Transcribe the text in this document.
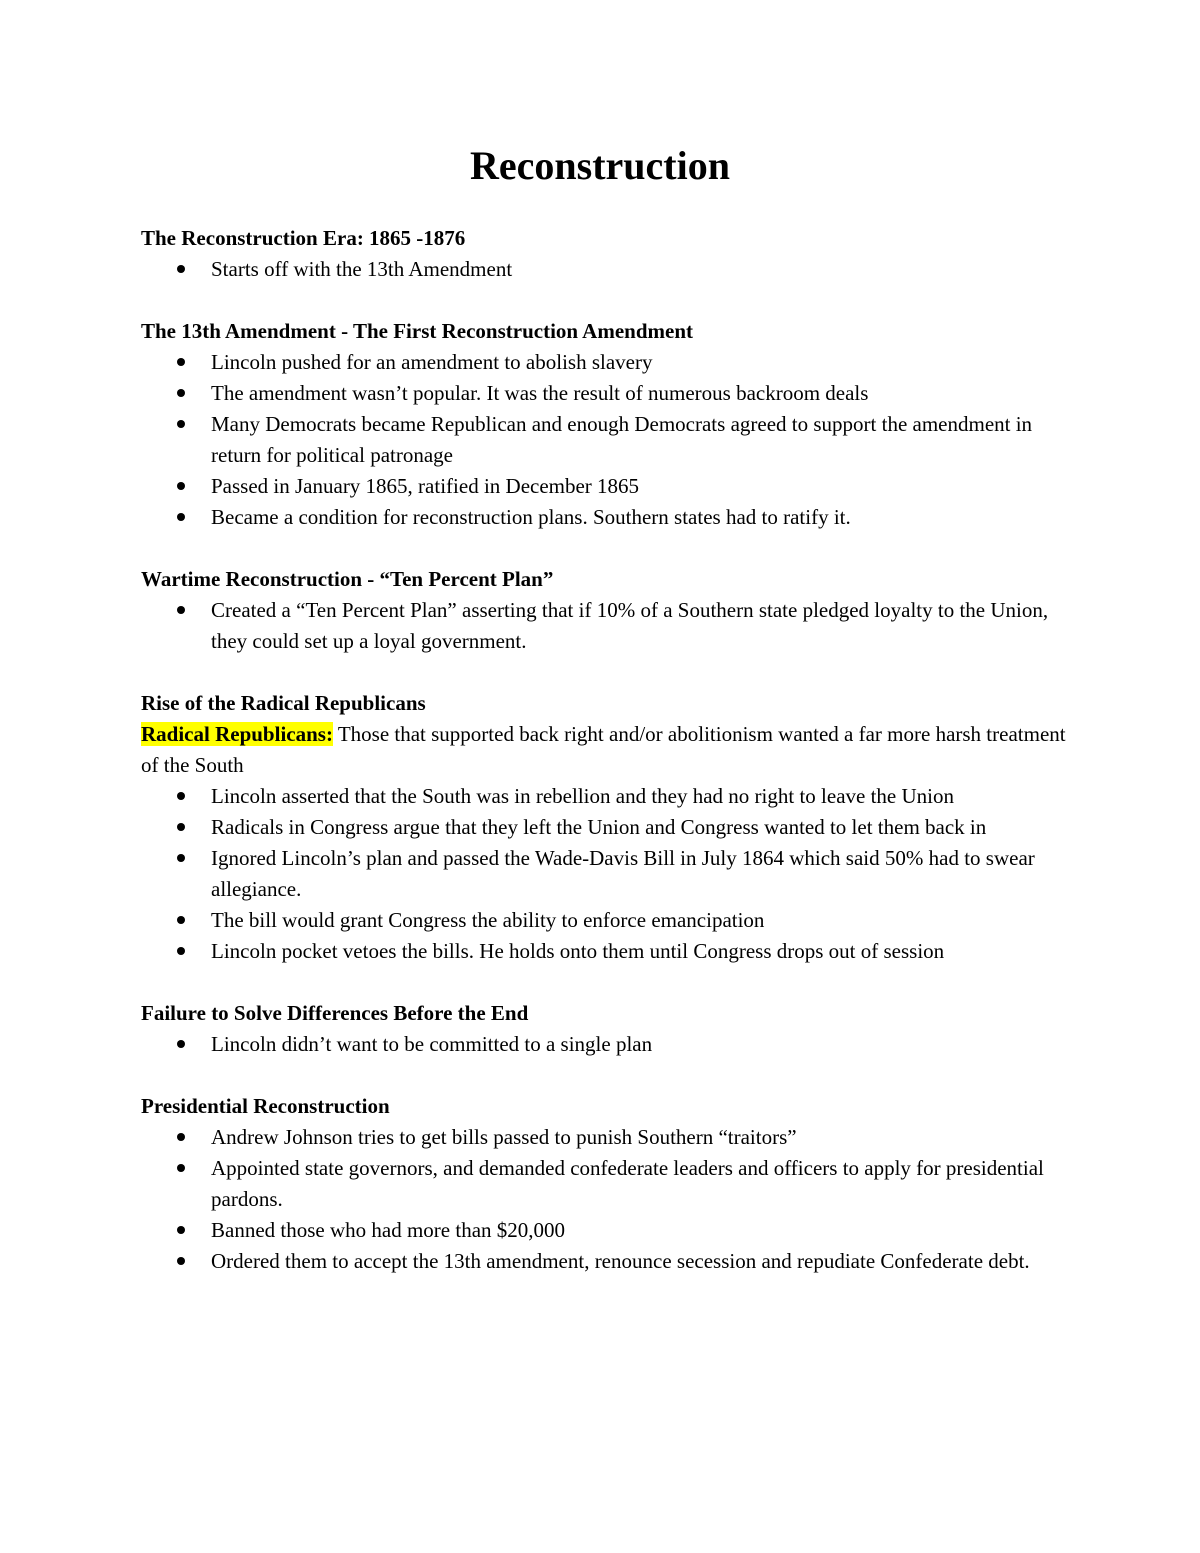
Reconstruction

The Reconstruction Era: 1865 -1876

Starts off with the 13th Amendment

The 13th Amendment - The First Reconstruction Amendment

Lincoln pushed for an amendment to abolish slavery
The amendment wasn’t popular. It was the result of numerous backroom deals
Many Democrats became Republican and enough Democrats agreed to support the amendment in return for political patronage
Passed in January 1865, ratified in December 1865
Became a condition for reconstruction plans. Southern states had to ratify it.

Wartime Reconstruction - “Ten Percent Plan”

Created a “Ten Percent Plan” asserting that if 10% of a Southern state pledged loyalty to the Union, they could set up a loyal government.

Rise of the Radical Republicans

Radical Republicans: Those that supported back right and/or abolitionism wanted a far more harsh treatment of the South

Lincoln asserted that the South was in rebellion and they had no right to leave the Union
Radicals in Congress argue that they left the Union and Congress wanted to let them back in
Ignored Lincoln’s plan and passed the Wade-Davis Bill in July 1864 which said 50% had to swear allegiance.
The bill would grant Congress the ability to enforce emancipation
Lincoln pocket vetoes the bills. He holds onto them until Congress drops out of session

Failure to Solve Differences Before the End

Lincoln didn’t want to be committed to a single plan

Presidential Reconstruction

Andrew Johnson tries to get bills passed to punish Southern “traitors”
Appointed state governors, and demanded confederate leaders and officers to apply for presidential pardons.
Banned those who had more than $20,000
Ordered them to accept the 13th amendment, renounce secession and repudiate Confederate debt.
